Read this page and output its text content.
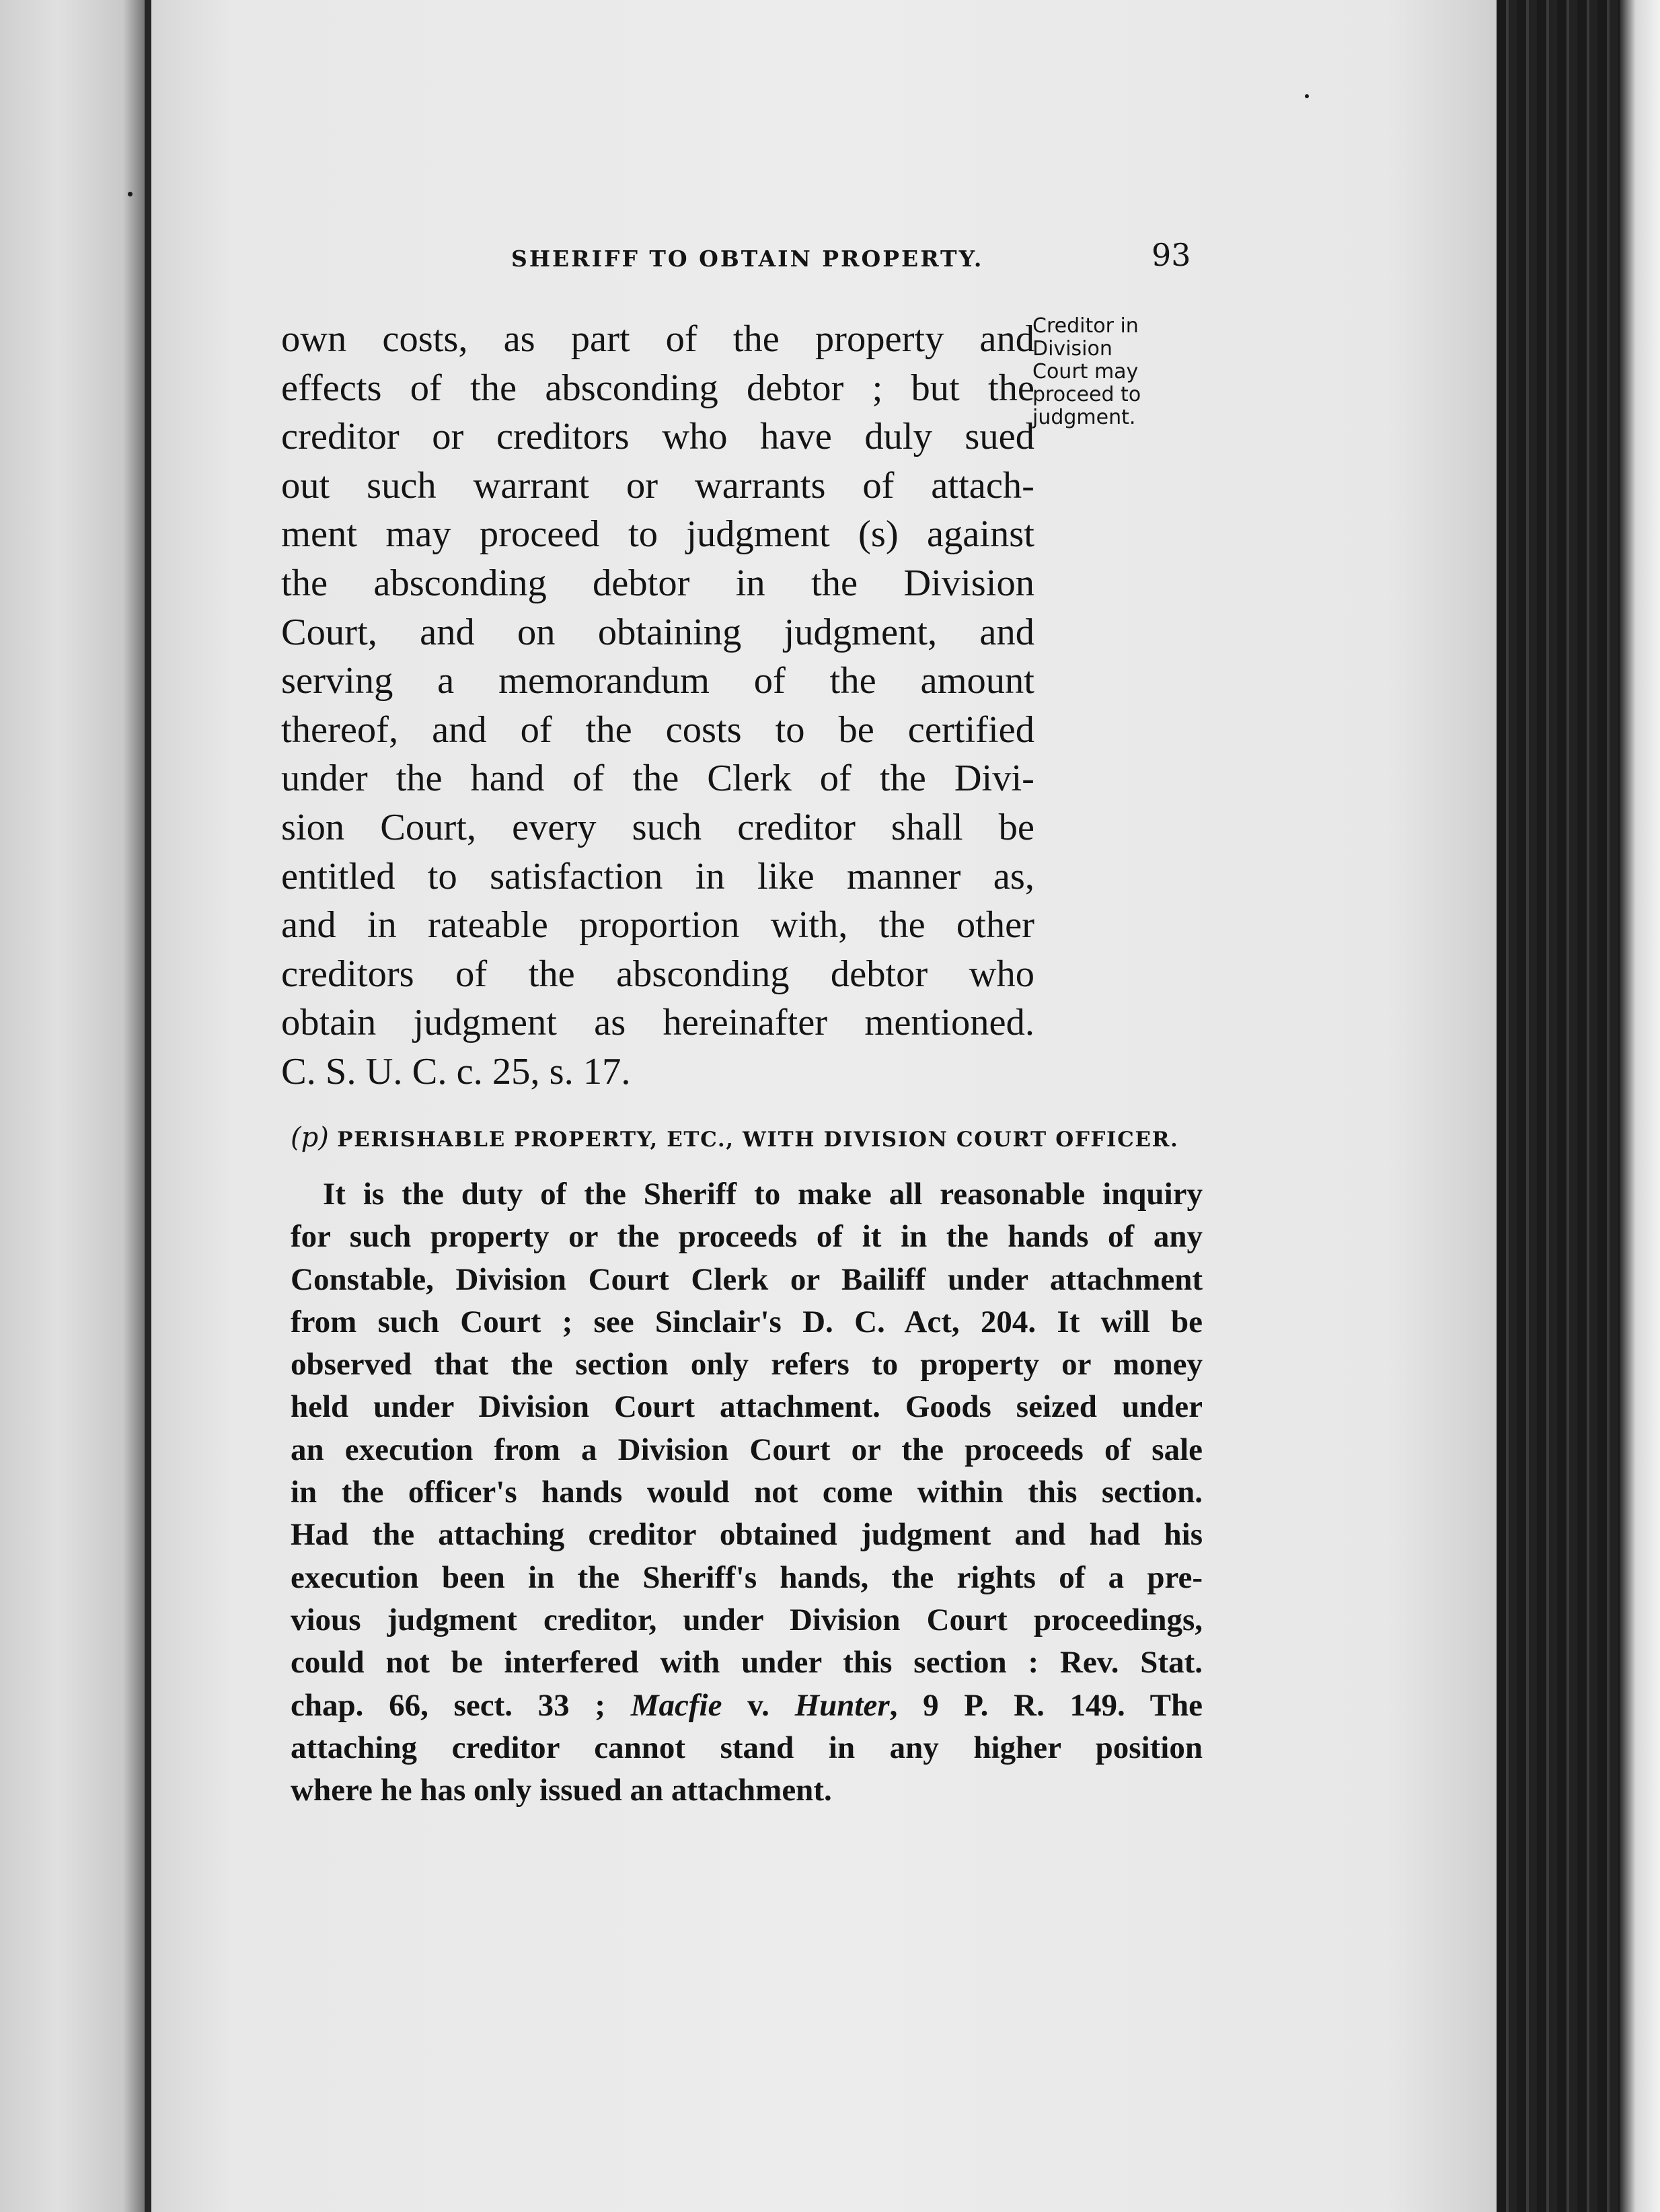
SHERIFF TO OBTAIN PROPERTY.	93
own costs, as part of the property and
effects of the absconding debtor ; but the
creditor or creditors who have duly sued
out such warrant or warrants of attach-
ment may proceed to judgment (s) against
the absconding debtor in the Division
Court, and on obtaining judgment, and
serving a memorandum of the amount
thereof, and of the costs to be certified
under the hand of the Clerk of the Divi-
sion Court, every such creditor shall be
entitled to satisfaction in like manner as,
and in rateable proportion with, the other
creditors of the absconding debtor who
obtain judgment as hereinafter mentioned.
C. S. U. C. c. 25, s. 17.
Creditor in
Division
Court may
proceed to
judgment.
(p) PERISHABLE PROPERTY, ETC., WITH DIVISION COURT OFFICER.
It is the duty of the Sheriff to make all reasonable inquiry
for such property or the proceeds of it in the hands of any
Constable, Division Court Clerk or Bailiff under attachment
from such Court ; see Sinclair's D. C. Act, 204. It will be
observed that the section only refers to property or money
held under Division Court attachment. Goods seized under
an execution from a Division Court or the proceeds of sale
in the officer's hands would not come within this section.
Had the attaching creditor obtained judgment and had his
execution been in the Sheriff's hands, the rights of a pre-
vious judgment creditor, under Division Court proceedings,
could not be interfered with under this section : Rev. Stat.
chap. 66, sect. 33 ; Macfie v. Hunter, 9 P. R. 149. The
attaching creditor cannot stand in any higher position
where he has only issued an attachment.
